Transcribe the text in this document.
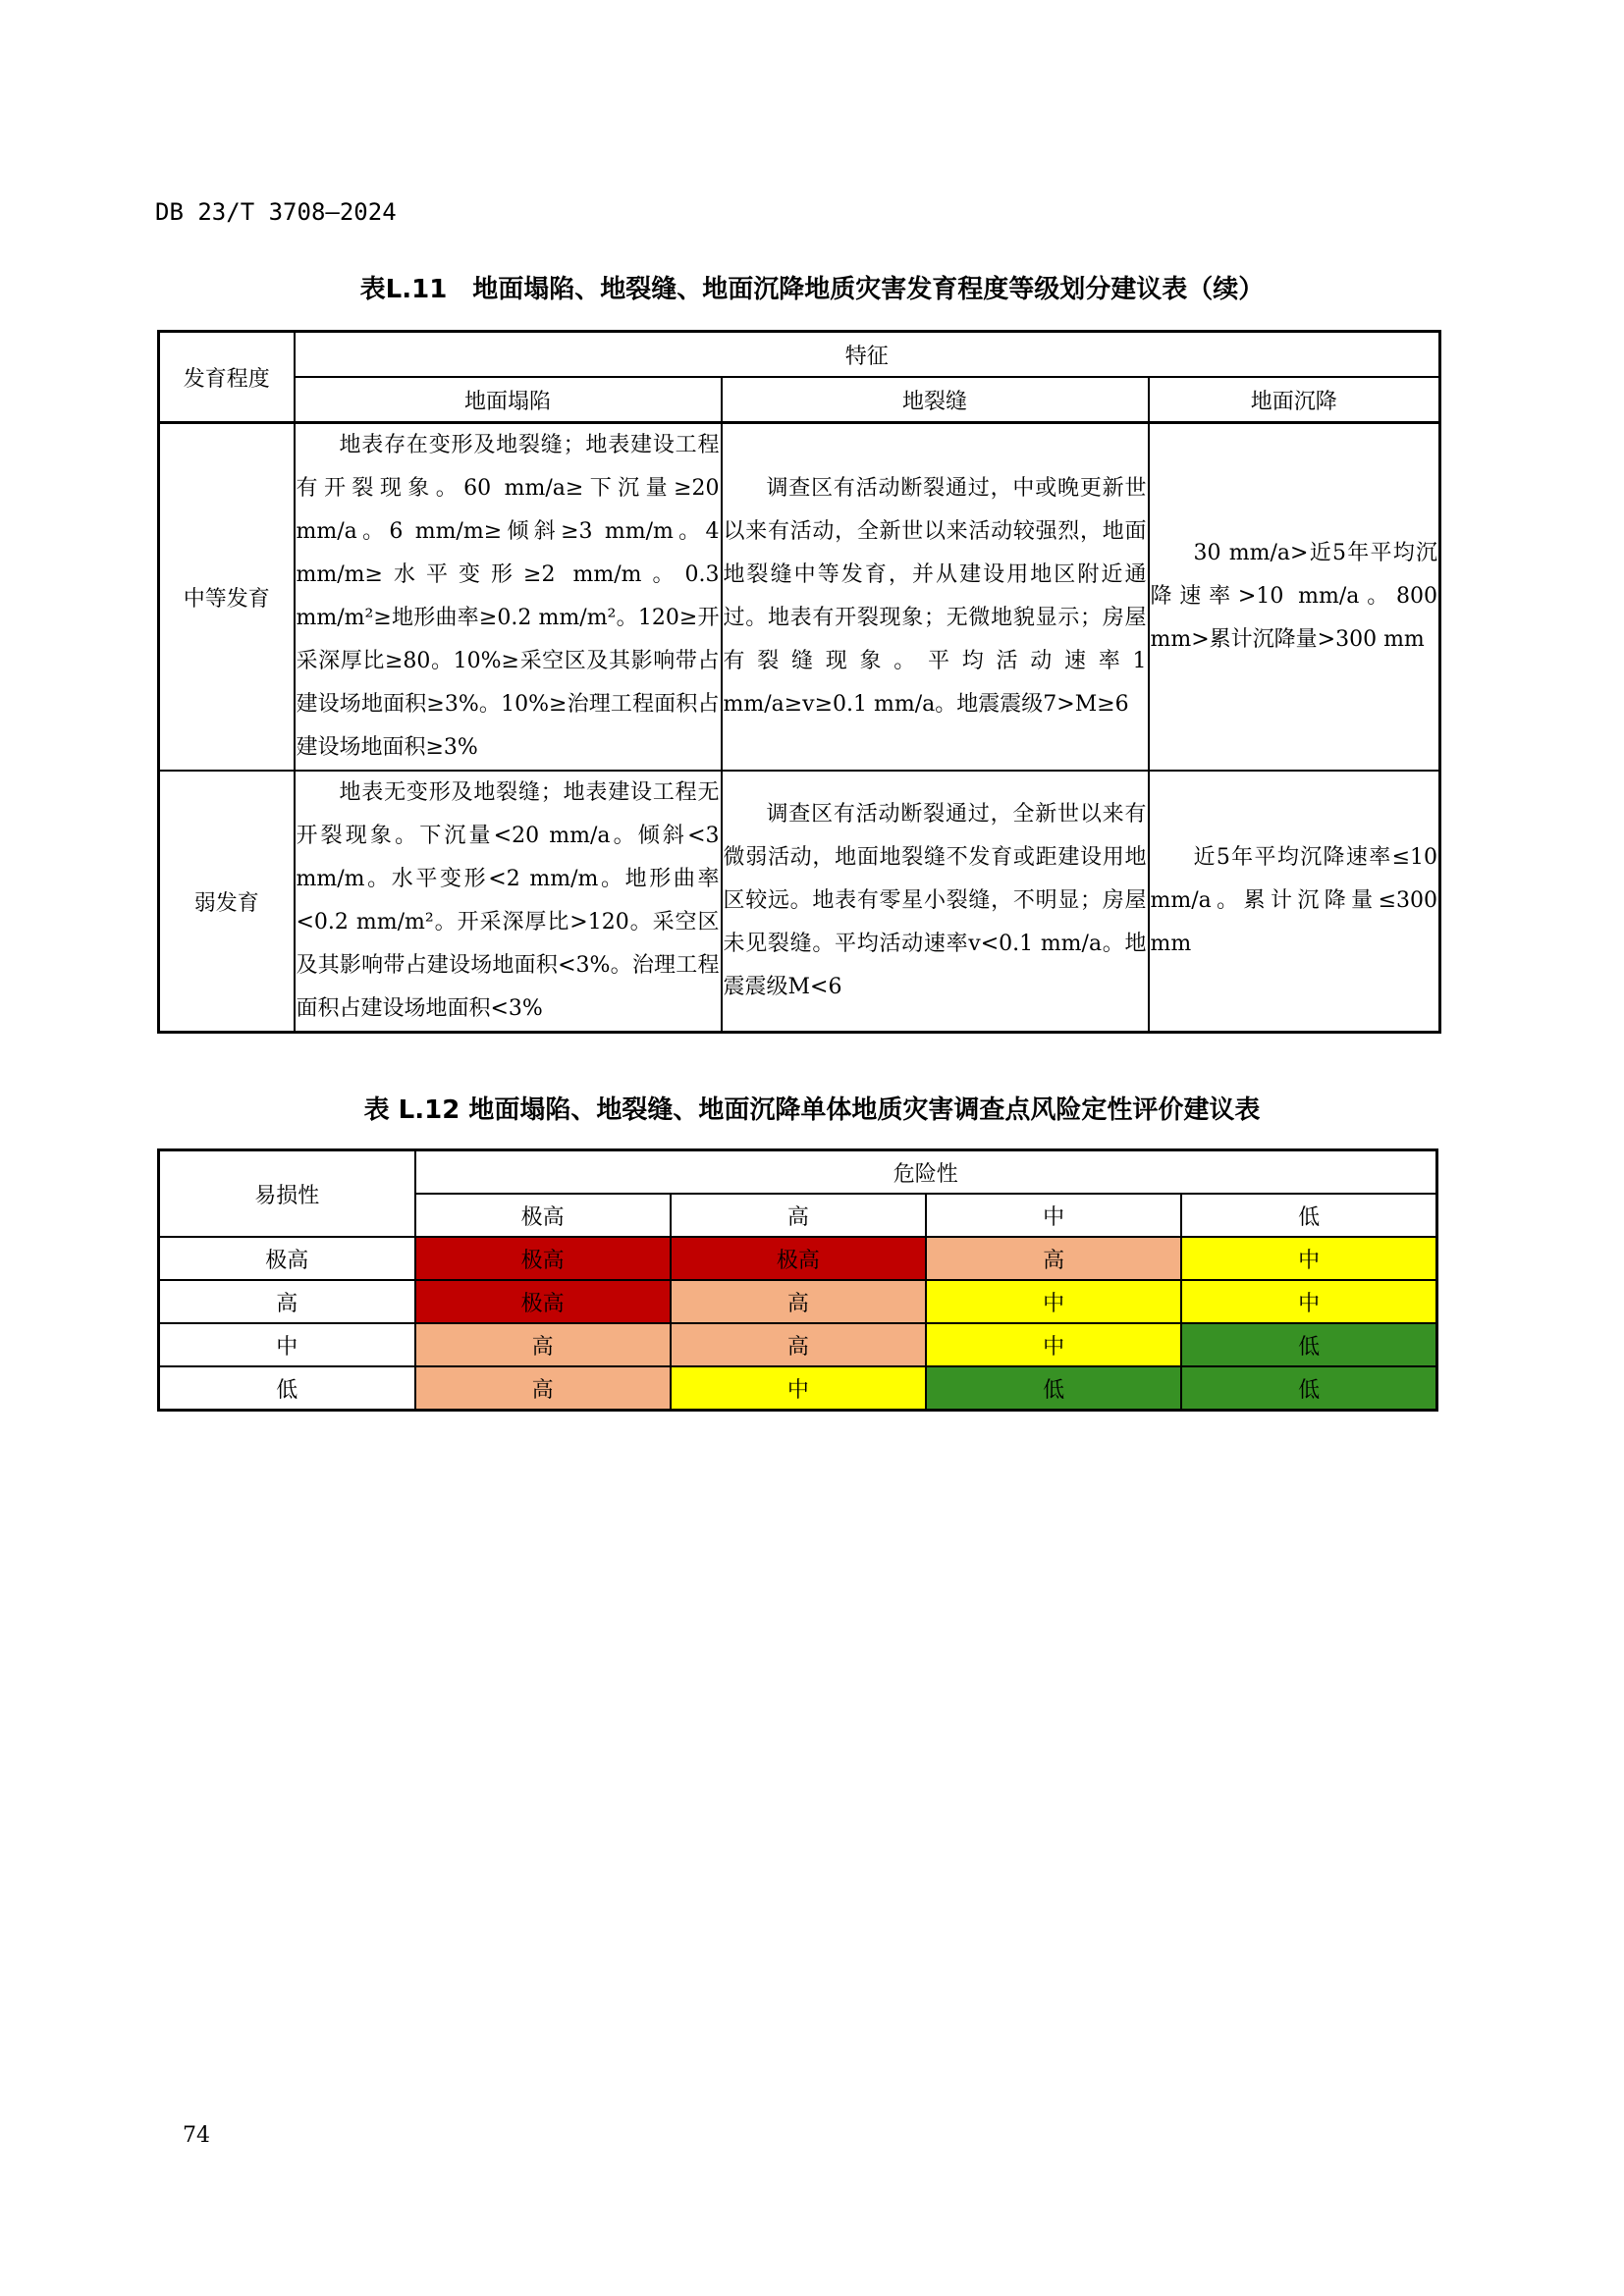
DB 23/T 3708—2024
表L.11　地面塌陷、地裂缝、地面沉降地质灾害发育程度等级划分建议表（续）
发育程度	特征		
	地面塌陷	地裂缝	地面沉降
中等发育	地表存在变形及地裂缝；地表建设工程有开裂现象。60 mm/a≥下沉量≥20 mm/a。6 mm/m≥倾斜≥3 mm/m。4 mm/m≥水平变形≥2 mm/m。0.3 mm/m²≥地形曲率≥0.2 mm/m²。120≥开采深厚比≥80。10%≥采空区及其影响带占建设场地面积≥3%。10%≥治理工程面积占建设场地面积≥3%	调查区有活动断裂通过，中或晚更新世以来有活动，全新世以来活动较强烈，地面地裂缝中等发育，并从建设用地区附近通过。地表有开裂现象；无微地貌显示；房屋有裂缝现象。平均活动速率1 mm/a≥v≥0.1 mm/a。地震震级7>M≥6	30 mm/a>近5年平均沉降速率>10 mm/a。800 mm>累计沉降量>300 mm
弱发育	地表无变形及地裂缝；地表建设工程无开裂现象。下沉量<20 mm/a。倾斜<3 mm/m。水平变形<2 mm/m。地形曲率<0.2 mm/m²。开采深厚比>120。采空区及其影响带占建设场地面积<3%。治理工程面积占建设场地面积<3%	调查区有活动断裂通过，全新世以来有微弱活动，地面地裂缝不发育或距建设用地区较远。地表有零星小裂缝，不明显；房屋未见裂缝。平均活动速率v<0.1 mm/a。地震震级M<6	近5年平均沉降速率≤10 mm/a。累计沉降量≤300 mm
表 L.12 地面塌陷、地裂缝、地面沉降单体地质灾害调查点风险定性评价建议表
易损性	危险性			
	极高	高	中	低
极高	极高	极高	高	中
高	极高	高	中	中
中	高	高	中	低
低	高	中	低	低
74
